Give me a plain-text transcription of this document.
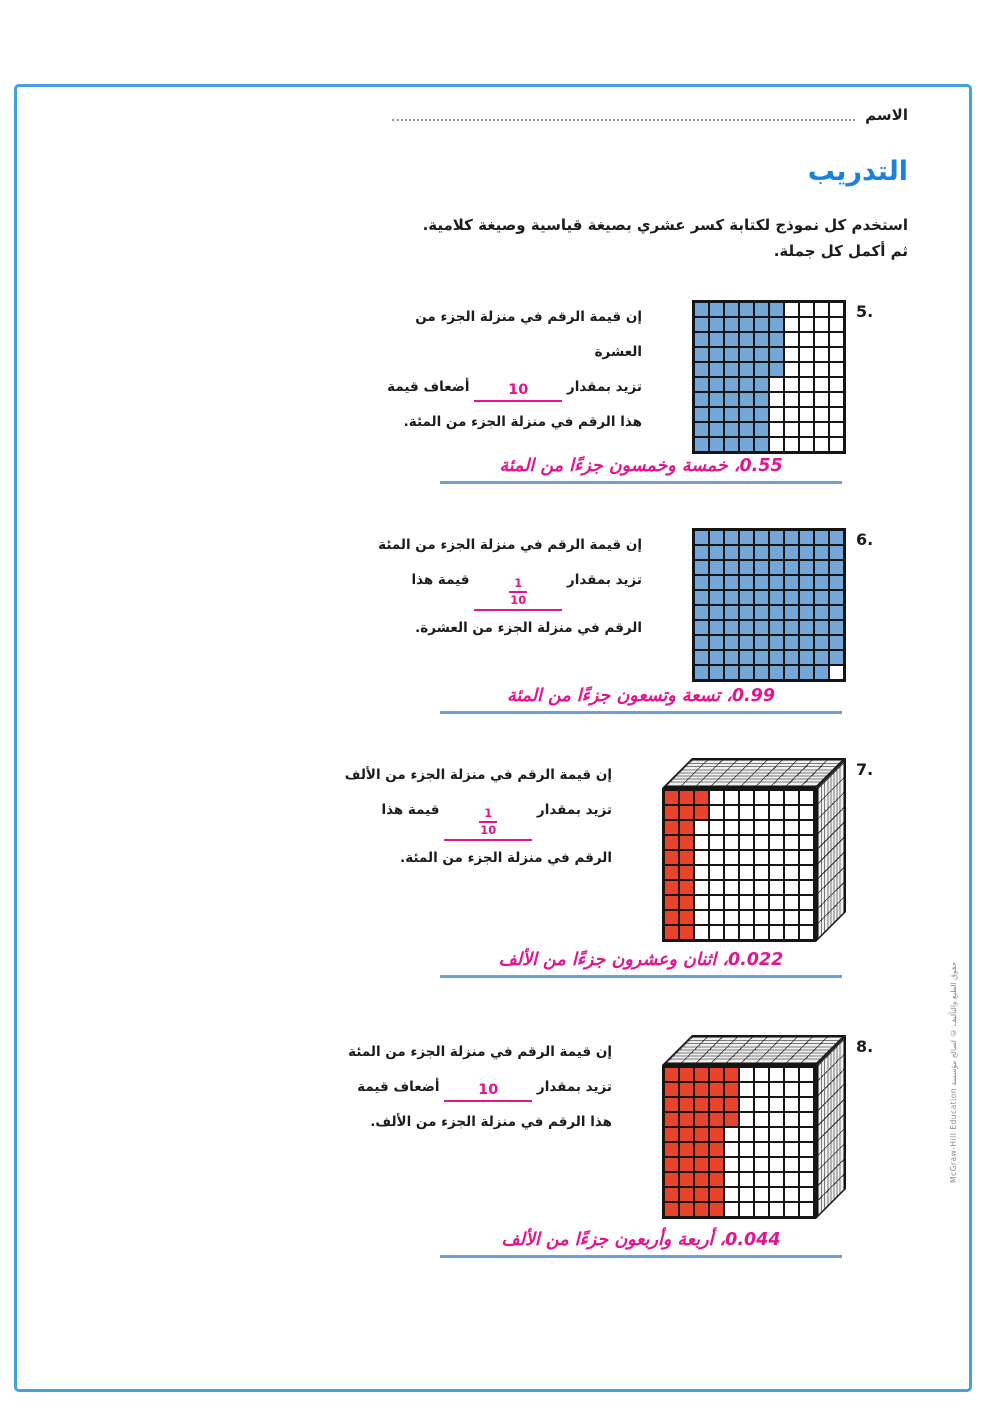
الاسم
التدريب
استخدم كل نموذج لكتابة كسر عشري بصيغة قياسية وصيغة كلامية.
ثم أكمل كل جملة.
5.

إن قيمة الرقم في منزلة الجزء من العشرة

تزيد بمقدار 10 أضعاف قيمة هذا الرقم في منزلة الجزء من المئة.

0.55، خمسة وخمسون جزءًا من المئة
6.

إن قيمة الرقم في منزلة الجزء من المئة

تزيد بمقدار
$\frac{1}{10}$
قيمة هذا الرقم في منزلة الجزء من العشرة.

0.99، تسعة وتسعون جزءًا من المئة
7.

إن قيمة الرقم في منزلة الجزء من الألف

تزيد بمقدار
$\frac{1}{10}$
قيمة هذا الرقم في منزلة الجزء من المئة.

0.022، اثنان وعشرون جزءًا من الألف
8.

إن قيمة الرقم في منزلة الجزء من المئة

تزيد بمقدار 10 أضعاف قيمة هذا الرقم في منزلة الجزء من الألف.

0.044، أربعة وأربعون جزءًا من الألف
حقوق الطبع والتأليف © لصالح مؤسسة McGraw-Hill Education
